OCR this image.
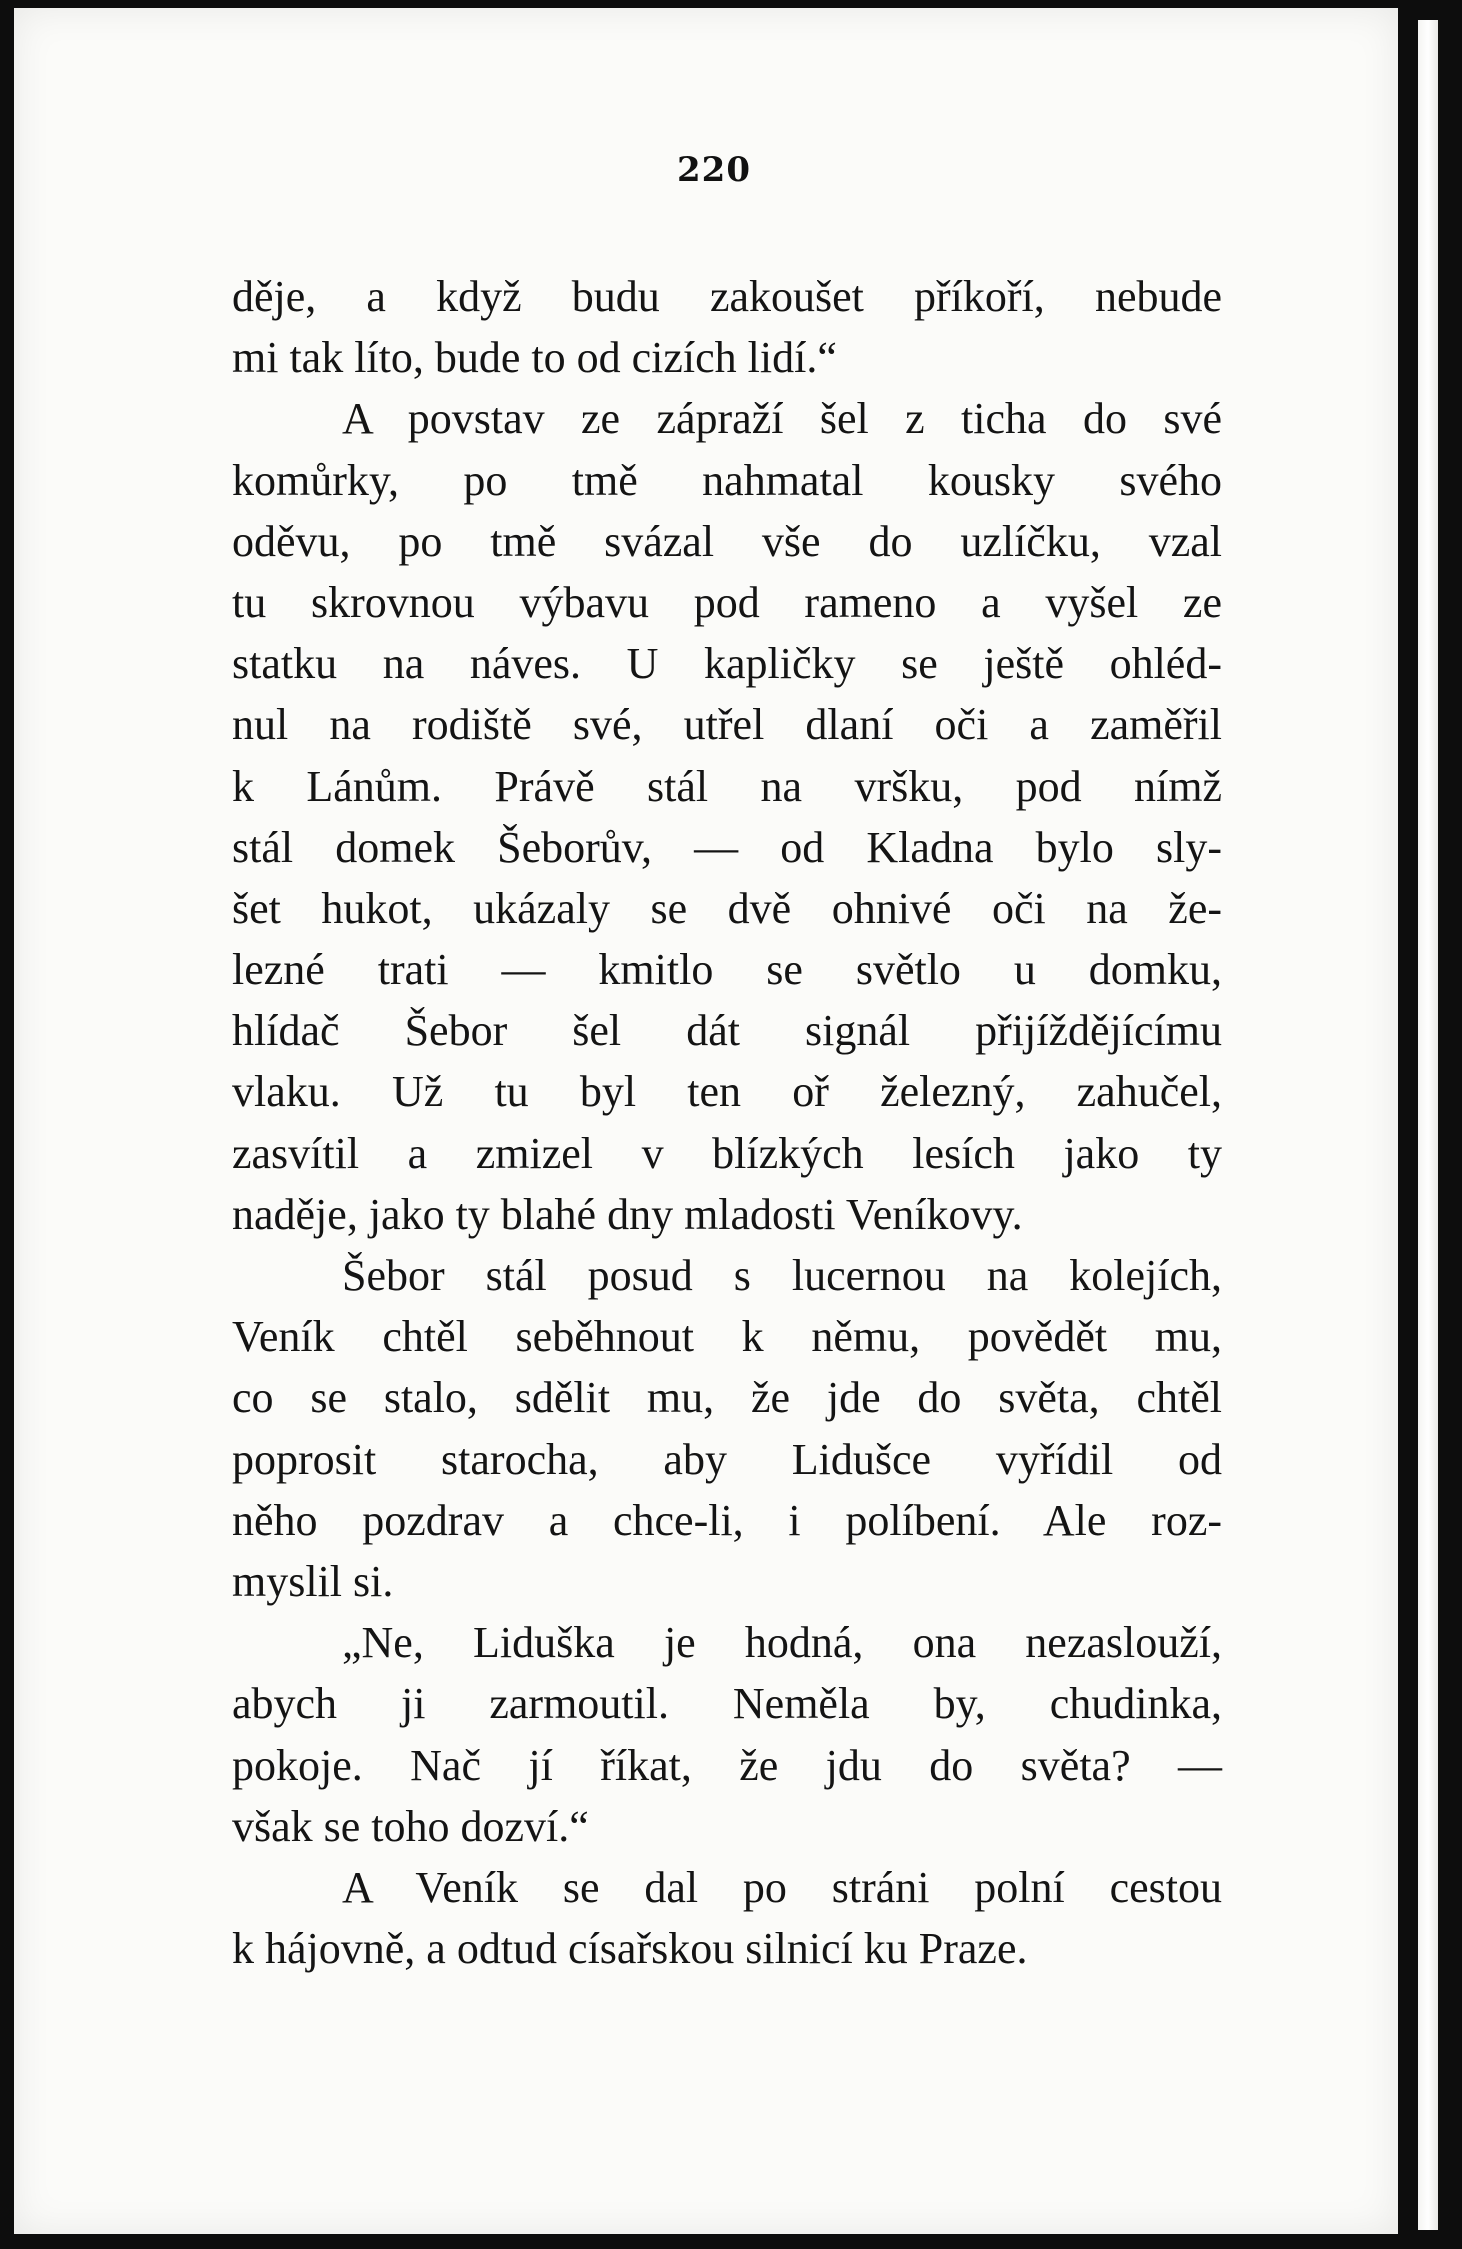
220
děje, a když budu zakoušet příkoří, nebude
mi tak líto, bude to od cizích lidí.“
A povstav ze zápraží šel z ticha do své
komůrky, po tmě nahmatal kousky svého
oděvu, po tmě svázal vše do uzlíčku, vzal
tu skrovnou výbavu pod rameno a vyšel ze
statku na náves. U kapličky se ještě ohléd-
nul na rodiště své, utřel dlaní oči a zaměřil
k Lánům. Právě stál na vršku, pod nímž
stál domek Šeborův, — od Kladna bylo sly-
šet hukot, ukázaly se dvě ohnivé oči na že-
lezné trati — kmitlo se světlo u domku,
hlídač Šebor šel dát signál přijíždějícímu
vlaku. Už tu byl ten oř železný, zahučel,
zasvítil a zmizel v blízkých lesích jako ty
naděje, jako ty blahé dny mladosti Veníkovy.
Šebor stál posud s lucernou na kolejích,
Veník chtěl seběhnout k němu, povědět mu,
co se stalo, sdělit mu, že jde do světa, chtěl
poprosit starocha, aby Lidušce vyřídil od
něho pozdrav a chce-li, i políbení. Ale roz-
myslil si.
„Ne, Liduška je hodná, ona nezaslouží,
abych ji zarmoutil. Neměla by, chudinka,
pokoje. Nač jí říkat, že jdu do světa? —
však se toho dozví.“
A Veník se dal po stráni polní cestou
k hájovně, a odtud císařskou silnicí ku Praze.
